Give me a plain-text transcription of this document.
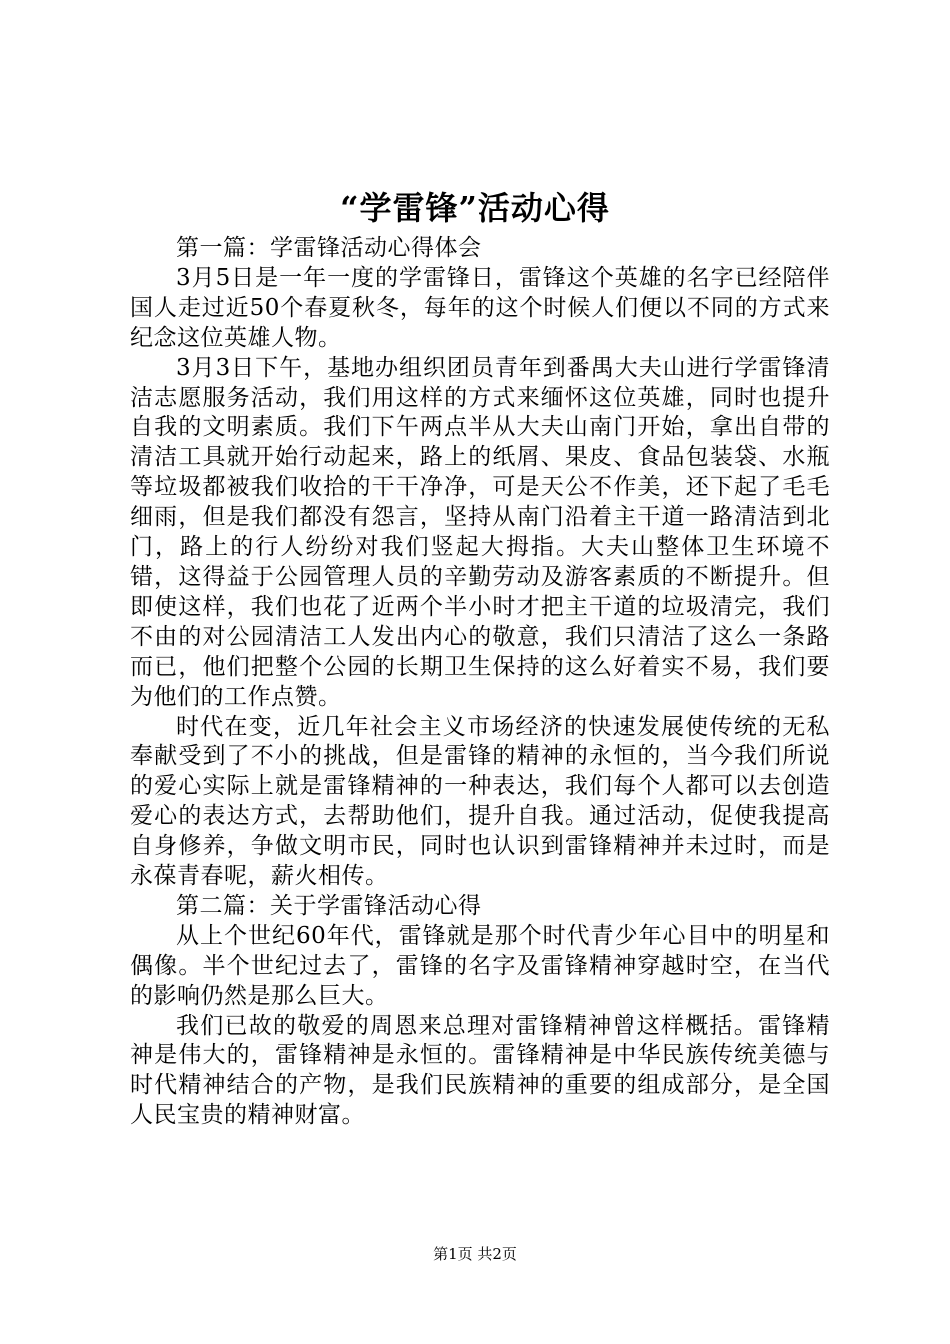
“学雷锋”活动心得

第一篇：学雷锋活动心得体会

3月5日是一年一度的学雷锋日，雷锋这个英雄的名字已经陪伴国人走过近50个春夏秋冬，每年的这个时候人们便以不同的方式来纪念这位英雄人物。

3月3日下午，基地办组织团员青年到番禺大夫山进行学雷锋清洁志愿服务活动，我们用这样的方式来缅怀这位英雄，同时也提升自我的文明素质。我们下午两点半从大夫山南门开始，拿出自带的清洁工具就开始行动起来，路上的纸屑、果皮、食品包装袋、水瓶等垃圾都被我们收拾的干干净净，可是天公不作美，还下起了毛毛细雨，但是我们都没有怨言，坚持从南门沿着主干道一路清洁到北门，路上的行人纷纷对我们竖起大拇指。大夫山整体卫生环境不错，这得益于公园管理人员的辛勤劳动及游客素质的不断提升。但即使这样，我们也花了近两个半小时才把主干道的垃圾清完，我们不由的对公园清洁工人发出内心的敬意，我们只清洁了这么一条路而已，他们把整个公园的长期卫生保持的这么好着实不易，我们要为他们的工作点赞。

时代在变，近几年社会主义市场经济的快速发展使传统的无私奉献受到了不小的挑战，但是雷锋的精神的永恒的，当今我们所说的爱心实际上就是雷锋精神的一种表达，我们每个人都可以去创造爱心的表达方式，去帮助他们，提升自我。通过活动，促使我提高自身修养，争做文明市民，同时也认识到雷锋精神并未过时，而是永葆青春呢，薪火相传。

第二篇：关于学雷锋活动心得

从上个世纪60年代，雷锋就是那个时代青少年心目中的明星和偶像。半个世纪过去了，雷锋的名字及雷锋精神穿越时空，在当代的影响仍然是那么巨大。

我们已故的敬爱的周恩来总理对雷锋精神曾这样概括。雷锋精神是伟大的，雷锋精神是永恒的。雷锋精神是中华民族传统美德与时代精神结合的产物，是我们民族精神的重要的组成部分，是全国人民宝贵的精神财富。

第1页 共2页
